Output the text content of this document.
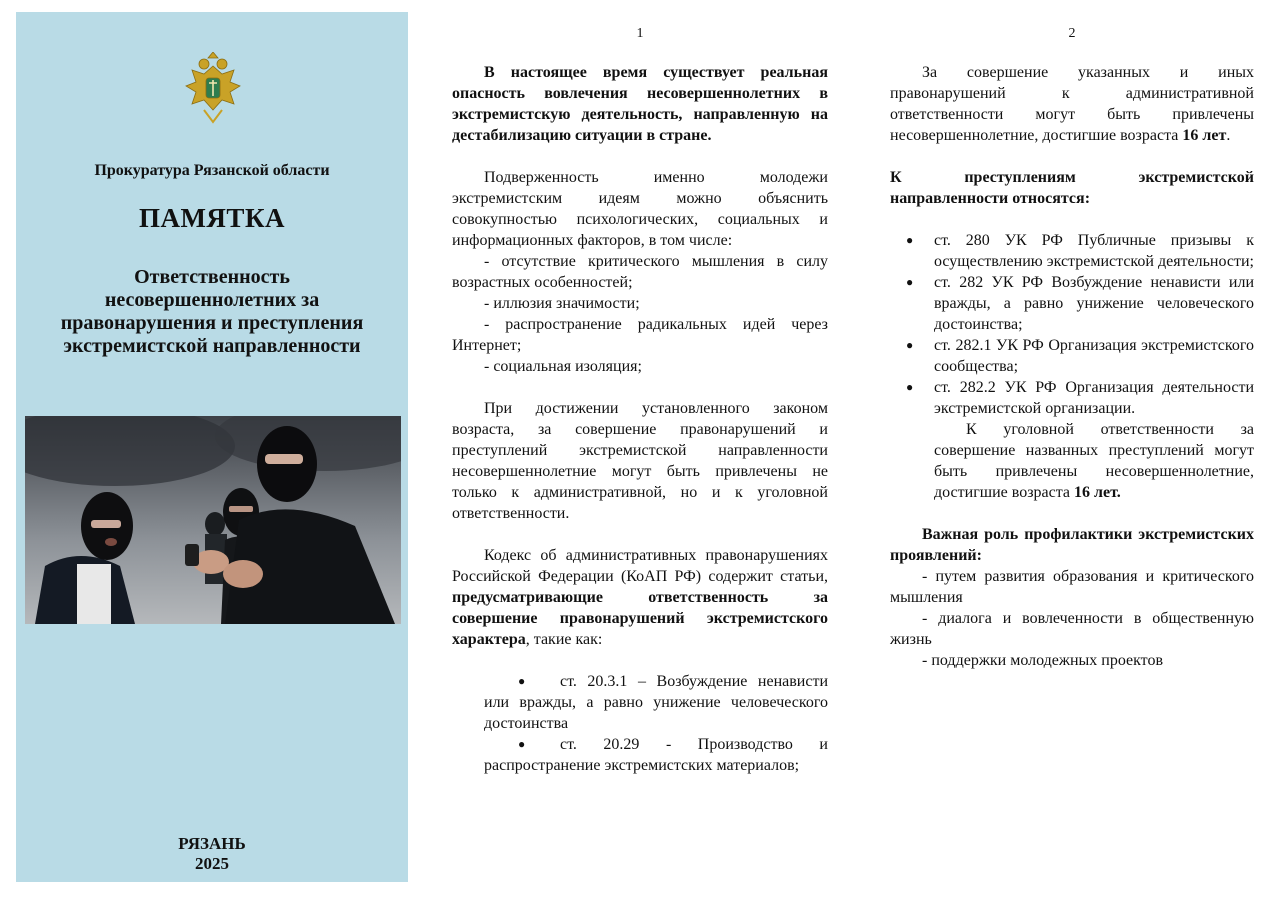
Прокуратура Рязанской области
ПАМЯТКА
Ответственность несовершеннолетних за правонарушения и преступления экстремистской направленности
РЯЗАНЬ
2025
1	2

В настоящее время существует реальная опасность вовлечения несовершеннолетних в экстремистскую деятельность, направленную на дестабилизацию ситуации в стране.

Подверженность именно молодежи экстремистским идеям можно объяснить совокупностью психологических, социальных и информационных факторов, в том числе:

- отсутствие критического мышления в силу возрастных особенностей;

- иллюзия значимости;

- распространение радикальных идей через Интернет;

- социальная изоляция;

При достижении установленного законом возраста, за совершение правонарушений и преступлений экстремистской направленности несовершеннолетние могут быть привлечены не только к административной, но и к уголовной ответственности.

Кодекс об административных правонарушениях Российской Федерации (КоАП РФ) содержит статьи, предусматривающие ответственность за совершение правонарушений экстремистского характера, такие как:

●	ст. 20.3.1 – Возбуждение ненависти или вражды, а равно унижение человеческого достоинства

●	ст. 20.29 - Производство и распространение экстремистских материалов;

За совершение указанных и иных правонарушений к административной ответственности могут быть привлечены несовершеннолетние, достигшие возраста 16 лет.

К преступлениям экстремистской направленности относятся:

● ст. 280 УК РФ Публичные призывы к осуществлению экстремистской деятельности;

● ст. 282 УК РФ Возбуждение ненависти или вражды, а равно унижение человеческого достоинства;

● ст. 282.1 УК РФ Организация экстремистского сообщества;

● ст. 282.2 УК РФ Организация деятельности экстремистской организации.

К уголовной ответственности за совершение названных преступлений могут быть привлечены несовершеннолетние, достигшие возраста 16 лет.

Важная роль профилактики экстремистских проявлений:

- путем развития образования и критического мышления

- диалога и вовлеченности в общественную жизнь

- поддержки молодежных проектов
